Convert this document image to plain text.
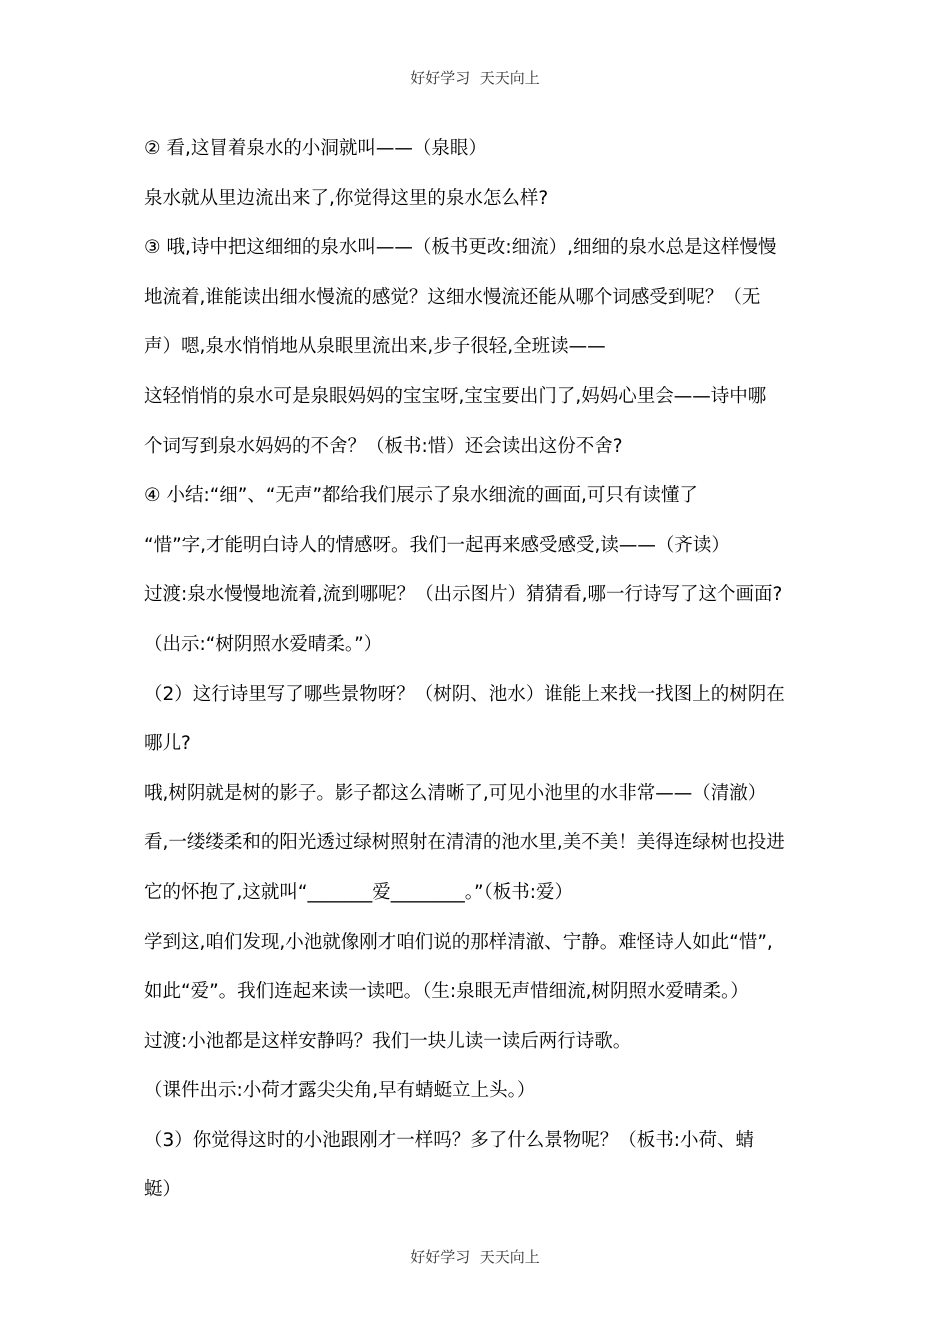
好好学习  天天向上
② 看,这冒着泉水的小洞就叫——（泉眼）
泉水就从里边流出来了,你觉得这里的泉水怎么样?
③ 哦,诗中把这细细的泉水叫——（板书更改:细流）,细细的泉水总是这样慢慢
地流着,谁能读出细水慢流的感觉？这细水慢流还能从哪个词感受到呢？（无
声）嗯,泉水悄悄地从泉眼里流出来,步子很轻,全班读——
这轻悄悄的泉水可是泉眼妈妈的宝宝呀,宝宝要出门了,妈妈心里会——诗中哪
个词写到泉水妈妈的不舍？（板书:惜）还会读出这份不舍?
④ 小结:“细”、“无声”都给我们展示了泉水细流的画面,可只有读懂了
“惜”字,才能明白诗人的情感呀。我们一起再来感受感受,读——（齐读）
过渡:泉水慢慢地流着,流到哪呢？（出示图片）猜猜看,哪一行诗写了这个画面?
（出示:“树阴照水爱晴柔。”）
（2）这行诗里写了哪些景物呀？（树阴、池水）谁能上来找一找图上的树阴在
哪儿?
哦,树阴就是树的影子。影子都这么清晰了,可见小池里的水非常——（清澈）
看,一缕缕柔和的阳光透过绿树照射在清清的池水里,美不美！美得连绿树也投进
它的怀抱了,这就叫“_______爱________。”（板书:爱）
学到这,咱们发现,小池就像刚才咱们说的那样清澈、宁静。难怪诗人如此“惜”,
如此“爱”。我们连起来读一读吧。（生:泉眼无声惜细流,树阴照水爱晴柔。）
过渡:小池都是这样安静吗？我们一块儿读一读后两行诗歌。
（课件出示:小荷才露尖尖角,早有蜻蜓立上头。）
（3）你觉得这时的小池跟刚才一样吗？多了什么景物呢？（板书:小荷、蜻
蜓）
好好学习  天天向上
